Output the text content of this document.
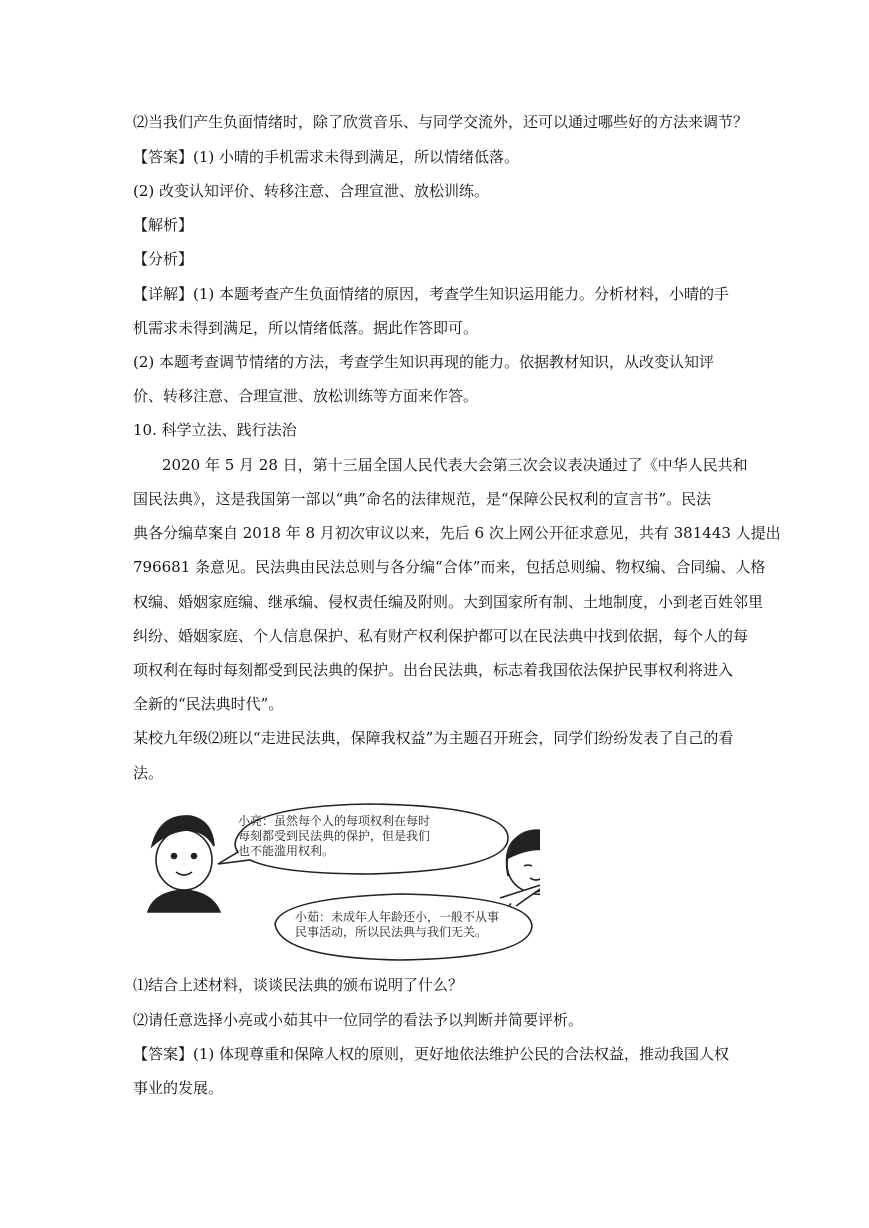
⑵当我们产生负面情绪时，除了欣赏音乐、与同学交流外，还可以通过哪些好的方法来调节？
【答案】(1) 小晴的手机需求未得到满足，所以情绪低落。
(2) 改变认知评价、转移注意、合理宣泄、放松训练。
【解析】
【分析】
【详解】(1) 本题考查产生负面情绪的原因，考查学生知识运用能力。分析材料，小晴的手
机需求未得到满足，所以情绪低落。据此作答即可。
(2) 本题考查调节情绪的方法，考查学生知识再现的能力。依据教材知识，从改变认知评
价、转移注意、合理宣泄、放松训练等方面来作答。
10. 科学立法、践行法治
2020 年 5 月 28 日，第十三届全国人民代表大会第三次会议表决通过了《中华人民共和
国民法典》，这是我国第一部以“典”命名的法律规范，是“保障公民权利的宣言书”。民法
典各分编草案自 2018 年 8 月初次审议以来，先后 6 次上网公开征求意见，共有 381443 人提出
796681 条意见。民法典由民法总则与各分编“合体”而来，包括总则编、物权编、合同编、人格
权编、婚姻家庭编、继承编、侵权责任编及附则。大到国家所有制、土地制度，小到老百姓邻里
纠纷、婚姻家庭、个人信息保护、私有财产权利保护都可以在民法典中找到依据，每个人的每
项权利在每时每刻都受到民法典的保护。出台民法典，标志着我国依法保护民事权利将进入
全新的“民法典时代”。
某校九年级⑵班以“走进民法典，保障我权益”为主题召开班会，同学们纷纷发表了自己的看
法。
小亮：虽然每个人的每项权利在每时
每刻都受到民法典的保护，但是我们
也不能滥用权利。
小茹：未成年人年龄还小，一般不从事
民事活动，所以民法典与我们无关。
⑴结合上述材料，谈谈民法典的颁布说明了什么？
⑵请任意选择小亮或小茹其中一位同学的看法予以判断并简要评析。
【答案】(1) 体现尊重和保障人权的原则，更好地依法维护公民的合法权益，推动我国人权
事业的发展。
